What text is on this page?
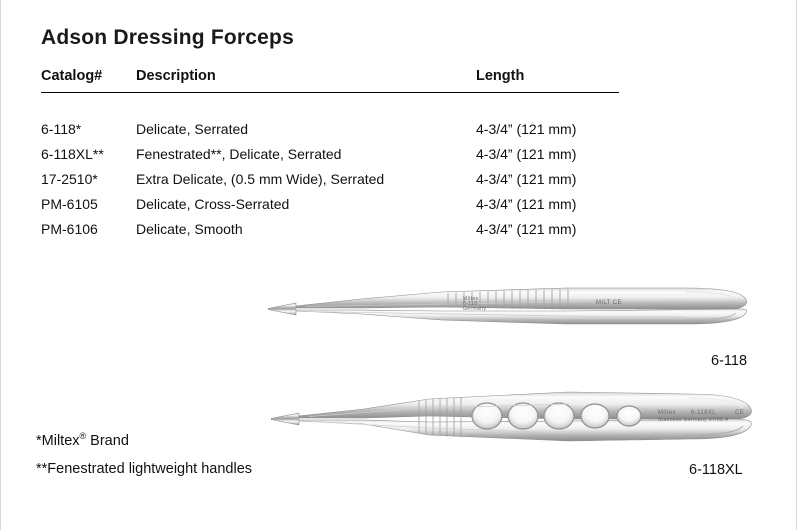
Adson Dressing Forceps
Catalog# Description	Length
6-118*	Delicate, Serrated	4-3/4” (121 mm)
6-118XL** Fenestrated**, Delicate, Serrated	4-3/4” (121 mm)
17-2510*	Extra Delicate, (0.5 mm Wide), Serrated	4-3/4” (121 mm)
PM-6105	Delicate, Cross-Serrated	4-3/4” (121 mm)
PM-6106	Delicate, Smooth	4-3/4” (121 mm)
Miltex
6-118
Germany
MILT CE
6-118
Miltex 6-118XL
Stainless Germany 07/08.4
CE
6-118XL
*Miltex® Brand
**Fenestrated lightweight handles
